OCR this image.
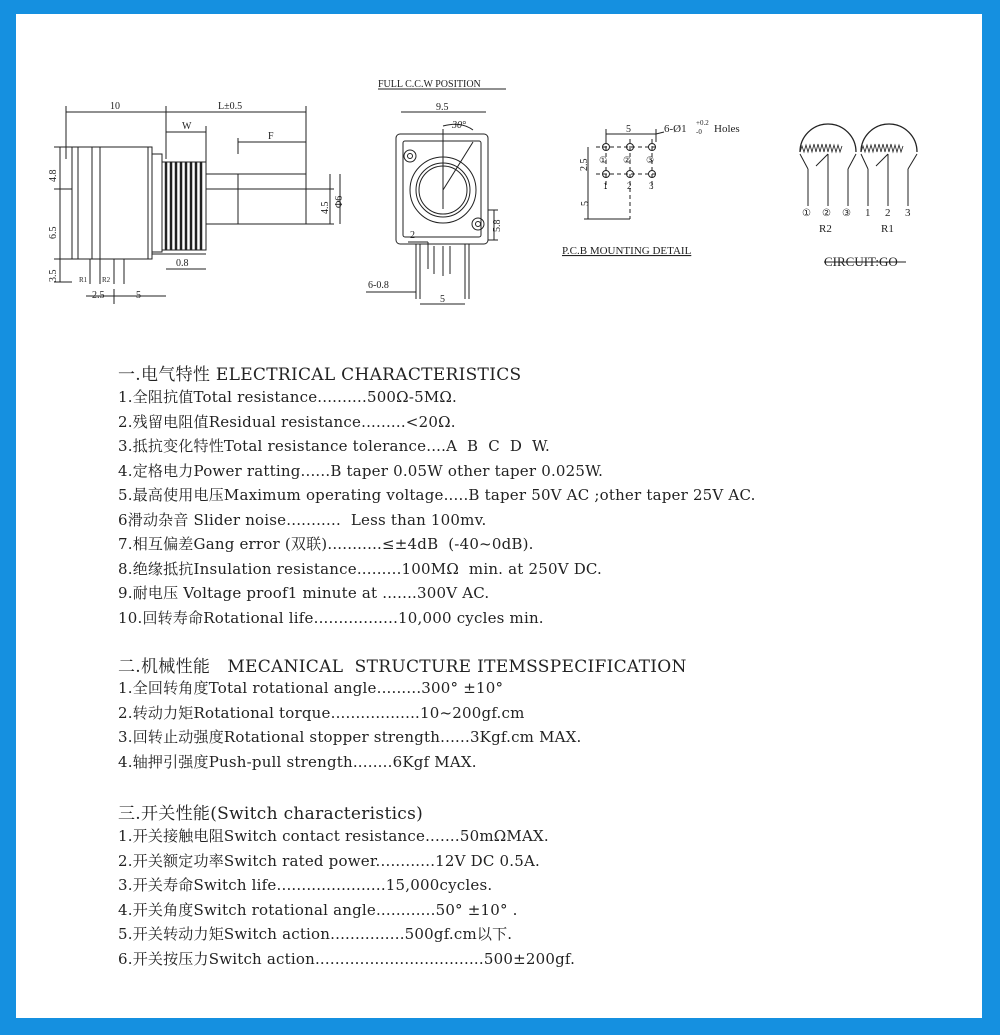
10	L±0.5
W
F
4.8
6.5
3.5
4.5 Φ6
0.8
2.5	5
R1 R2
FULL C.C.W POSITION
9.5
30°
5.8
2
6-0.8
5
5	6-Ø1 +0.2
-0 Holes
2.5
5
① ② ③
1 2 3
P.C.B MOUNTING DETAIL
① ② ③ 1 2 3
R2	R1
CIRCUIT:GO
一.电气特性 ELECTRICAL CHARACTERISTICS
1.全阻抗值Total resistance..........500Ω-5MΩ.
2.残留电阻值Residual resistance.........<20Ω.
3.抵抗变化特性Total resistance tolerance....A  B  C  D  W.
4.定格电力Power ratting......B taper 0.05W other taper 0.025W.
5.最高使用电压Maximum operating voltage.....B taper 50V AC ;other taper 25V AC.
6滑动杂音 Slider noise...........  Less than 100mv.
7.相互偏差Gang error (双联)...........≤±4dB  (-40~0dB).
8.绝缘抵抗Insulation resistance.........100MΩ  min. at 250V DC.
9.耐电压 Voltage proof1 minute at .......300V AC.
10.回转寿命Rotational life.................10,000 cycles min.
二.机械性能   MECANICAL  STRUCTURE ITEMSSPECIFICATION
1.全回转角度Total rotational angle.........300° ±10°
2.转动力矩Rotational torque..................10~200gf.cm
3.回转止动强度Rotational stopper strength......3Kgf.cm MAX.
4.轴押引强度Push-pull strength........6Kgf MAX.
三.开关性能(Switch characteristics)
1.开关接触电阻Switch contact resistance.......50mΩMAX.
2.开关额定功率Switch rated power............12V DC 0.5A.
3.开关寿命Switch life......................15,000cycles.
4.开关角度Switch rotational angle............50° ±10° .
5.开关转动力矩Switch action...............500gf.cm以下.
6.开关按压力Switch action..................................500±200gf.
